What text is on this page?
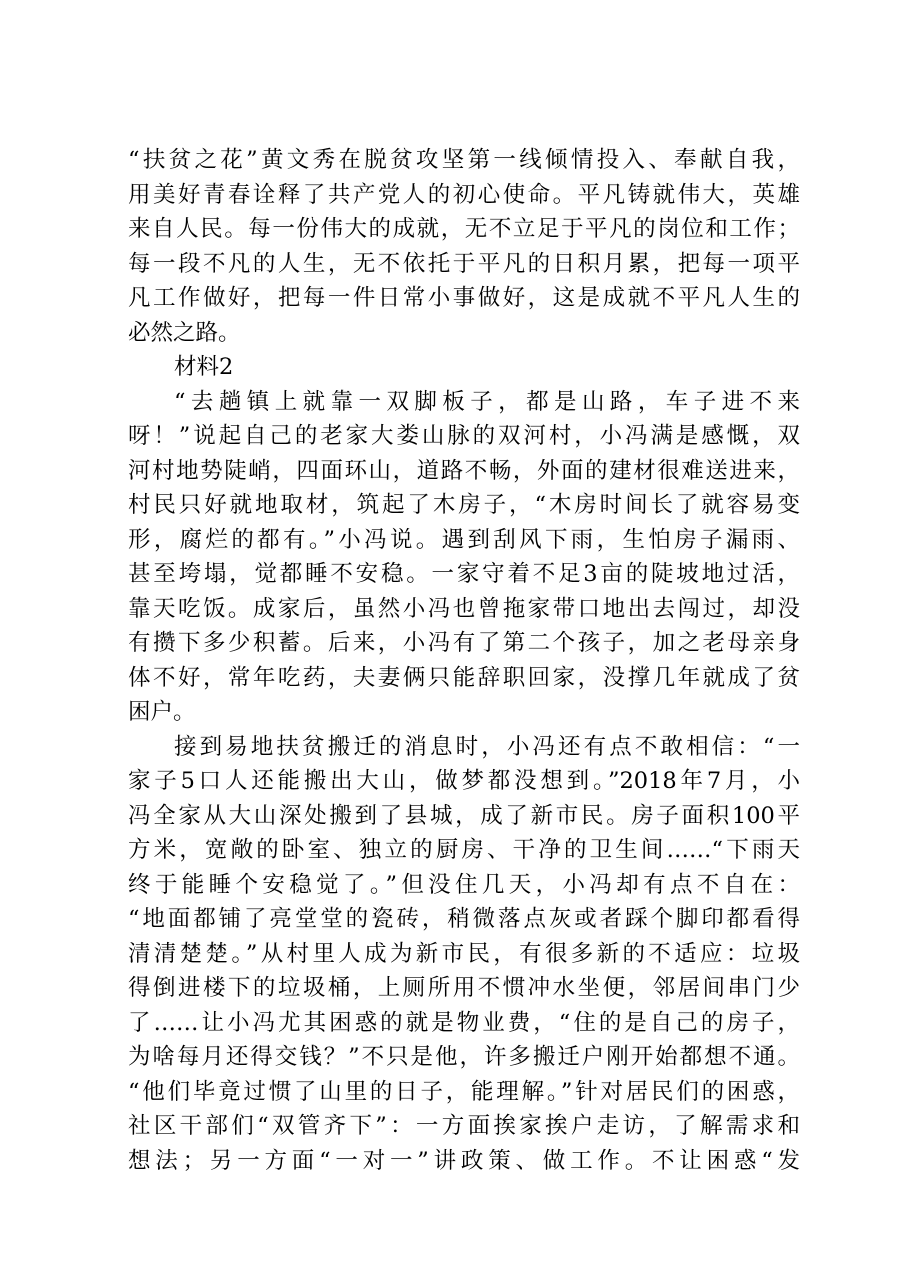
“扶贫之花”黄文秀在脱贫攻坚第一线倾情投入、奉献自我，
用美好青春诠释了共产党人的初心使命。平凡铸就伟大，英雄
来自人民。每一份伟大的成就，无不立足于平凡的岗位和工作；
每一段不凡的人生，无不依托于平凡的日积月累，把每一项平
凡工作做好，把每一件日常小事做好，这是成就不平凡人生的
必然之路。
材料2
“去趟镇上就靠一双脚板子，都是山路，车子进不来
呀！”说起自己的老家大娄山脉的双河村，小冯满是感慨，双
河村地势陡峭，四面环山，道路不畅，外面的建材很难送进来，
村民只好就地取材，筑起了木房子，“木房时间长了就容易变
形，腐烂的都有。”小冯说。遇到刮风下雨，生怕房子漏雨、
甚至垮塌，觉都睡不安稳。一家守着不足3亩的陡坡地过活，
靠天吃饭。成家后，虽然小冯也曾拖家带口地出去闯过，却没
有攒下多少积蓄。后来，小冯有了第二个孩子，加之老母亲身
体不好，常年吃药，夫妻俩只能辞职回家，没撑几年就成了贫
困户。
接到易地扶贫搬迁的消息时，小冯还有点不敢相信：“一
家子5口人还能搬出大山，做梦都没想到。”2018年7月，小
冯全家从大山深处搬到了县城，成了新市民。房子面积100平
方米，宽敞的卧室、独立的厨房、干净的卫生间……“下雨天
终于能睡个安稳觉了。”但没住几天，小冯却有点不自在：
“地面都铺了亮堂堂的瓷砖，稍微落点灰或者踩个脚印都看得
清清楚楚。”从村里人成为新市民，有很多新的不适应：垃圾
得倒进楼下的垃圾桶，上厕所用不惯冲水坐便，邻居间串门少
了……让小冯尤其困惑的就是物业费，“住的是自己的房子，
为啥每月还得交钱？”不只是他，许多搬迁户刚开始都想不通。
“他们毕竟过惯了山里的日子，能理解。”针对居民们的困惑，
社区干部们“双管齐下”：一方面挨家挨户走访，了解需求和
想法；另一方面“一对一”讲政策、做工作。不让困惑“发
